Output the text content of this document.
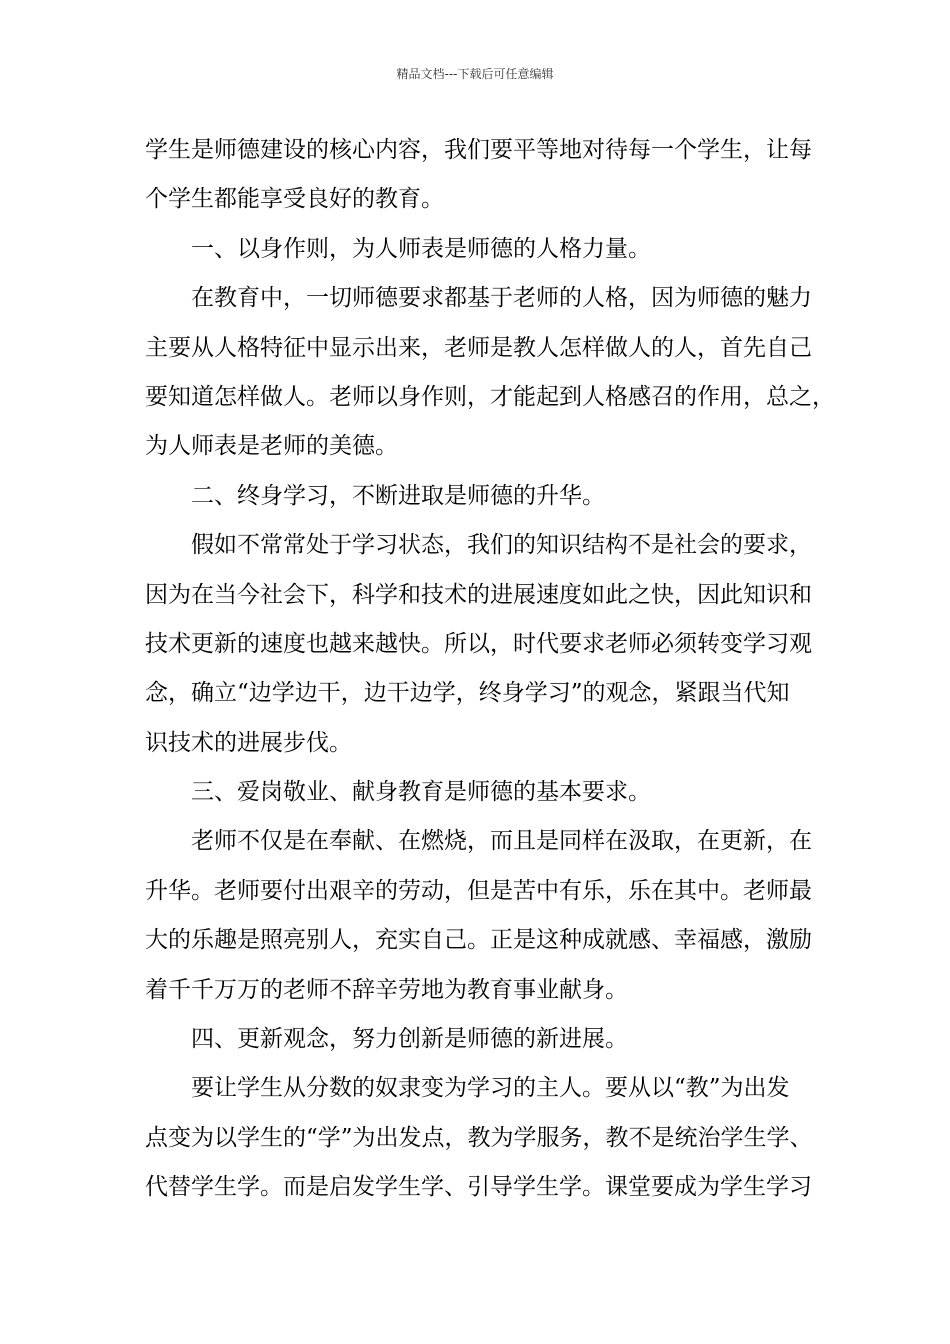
精品文档---下载后可任意编辑
学生是师德建设的核心内容，我们要平等地对待每一个学生，让每
个学生都能享受良好的教育。
一、以身作则，为人师表是师德的人格力量。
在教育中，一切师德要求都基于老师的人格，因为师德的魅力
主要从人格特征中显示出来，老师是教人怎样做人的人，首先自己
要知道怎样做人。老师以身作则，才能起到人格感召的作用，总之，
为人师表是老师的美德。
二、终身学习，不断进取是师德的升华。
假如不常常处于学习状态，我们的知识结构不是社会的要求，
因为在当今社会下，科学和技术的进展速度如此之快，因此知识和
技术更新的速度也越来越快。所以，时代要求老师必须转变学习观
念，确立“边学边干，边干边学，终身学习”的观念，紧跟当代知
识技术的进展步伐。
三、爱岗敬业、献身教育是师德的基本要求。
老师不仅是在奉献、在燃烧，而且是同样在汲取，在更新，在
升华。老师要付出艰辛的劳动，但是苦中有乐，乐在其中。老师最
大的乐趣是照亮别人，充实自己。正是这种成就感、幸福感，激励
着千千万万的老师不辞辛劳地为教育事业献身。
四、更新观念，努力创新是师德的新进展。
要让学生从分数的奴隶变为学习的主人。要从以“教”为出发
点变为以学生的“学”为出发点，教为学服务，教不是统治学生学、
代替学生学。而是启发学生学、引导学生学。课堂要成为学生学习
